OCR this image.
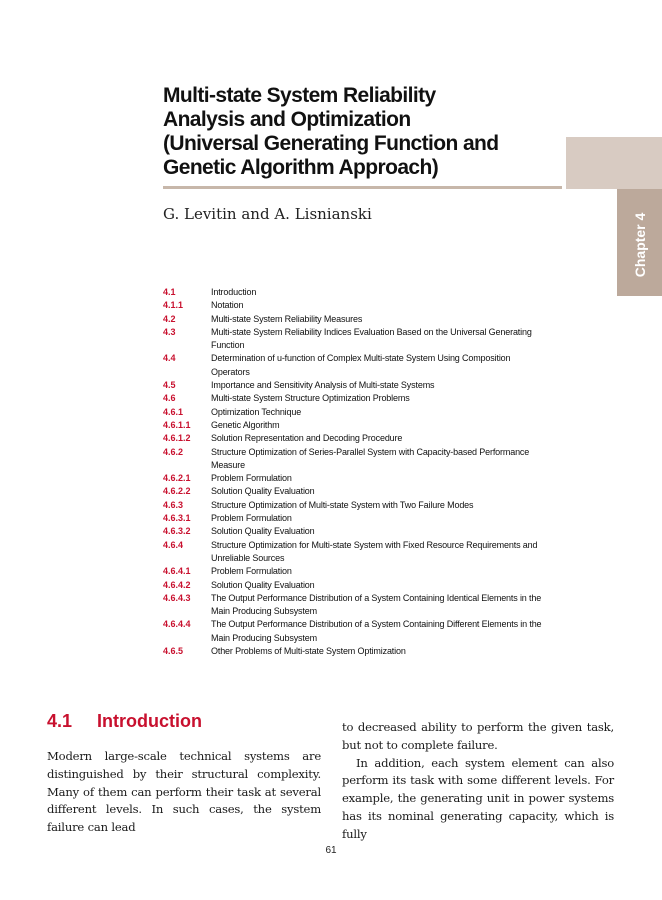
Chapter 4
Multi-state System Reliability
Analysis and Optimization
(Universal Generating Function and
Genetic Algorithm Approach)
G. Levitin and A. Lisnianski
4.1	Introduction
4.1.1	Notation
4.2	Multi-state System Reliability Measures
4.3	Multi-state System Reliability Indices Evaluation Based on the Universal Generating
Function
4.4	Determination of u-function of Complex Multi-state System Using Composition
Operators
4.5	Importance and Sensitivity Analysis of Multi-state Systems
4.6	Multi-state System Structure Optimization Problems
4.6.1	Optimization Technique
4.6.1.1	Genetic Algorithm
4.6.1.2	Solution Representation and Decoding Procedure
4.6.2	Structure Optimization of Series-Parallel System with Capacity-based Performance
Measure
4.6.2.1	Problem Formulation
4.6.2.2	Solution Quality Evaluation
4.6.3	Structure Optimization of Multi-state System with Two Failure Modes
4.6.3.1	Problem Formulation
4.6.3.2	Solution Quality Evaluation
4.6.4	Structure Optimization for Multi-state System with Fixed Resource Requirements and
Unreliable Sources
4.6.4.1	Problem Formulation
4.6.4.2	Solution Quality Evaluation
4.6.4.3	The Output Performance Distribution of a System Containing Identical Elements in the
Main Producing Subsystem
4.6.4.4	The Output Performance Distribution of a System Containing Different Elements in the
Main Producing Subsystem
4.6.5	Other Problems of Multi-state System Optimization
4.1 Introduction

Modern large-scale technical systems are distinguished by their structural complexity. Many of them can perform their task at several different levels. In such cases, the system failure can lead

to decreased ability to perform the given task, but not to complete failure.

In addition, each system element can also perform its task with some different levels. For example, the generating unit in power systems has its nominal generating capacity, which is fully

61
